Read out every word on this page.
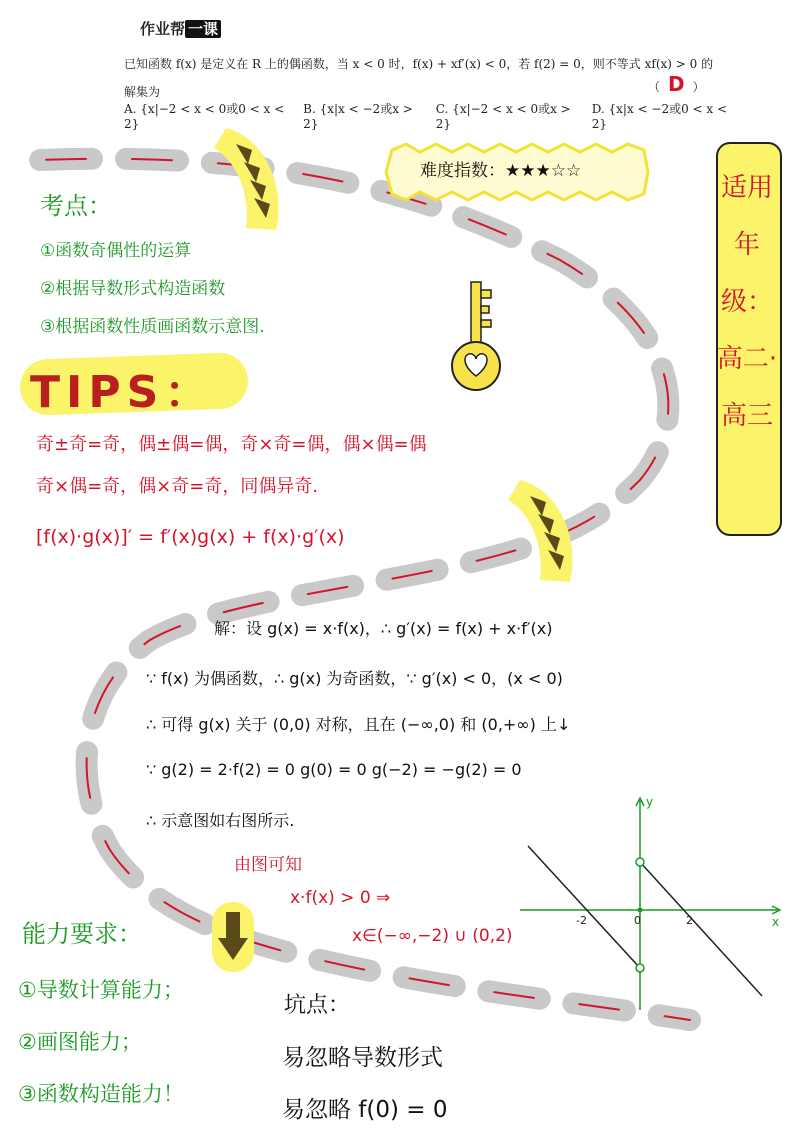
作业帮 一课
已知函数 f(x) 是定义在 R 上的偶函数，当 x < 0 时，f(x) + xf′(x) < 0，若 f(2) = 0，则不等式 xf(x) > 0 的解集为	（ D ）
A. {x|−2 < x < 0或0 < x < 2}
B. {x|x < −2或x > 2}
C. {x|−2 < x < 0或x > 2}
D. {x|x < −2或0 < x < 2}
难度指数：★★★☆☆
适用年级：高二·高三
考点：
①函数奇偶性的运算
②根据导数形式构造函数
③根据函数性质画函数示意图.
TIPS：
奇±奇=奇，偶±偶=偶，奇×奇=偶，偶×偶=偶
奇×偶=奇，偶×奇=奇，同偶异奇.
[f(x)·g(x)]′ = f′(x)g(x) + f(x)·g′(x)
解：设 g(x) = x·f(x)，∴ g′(x) = f(x) + x·f′(x)
∵ f(x) 为偶函数，∴ g(x) 为奇函数，∵ g′(x) < 0，(x < 0)
∴ 可得 g(x) 关于 (0,0) 对称，且在 (−∞,0) 和 (0,+∞) 上↓
∵ g(2) = 2·f(2) = 0 g(0) = 0 g(−2) = −g(2) = 0
∴ 示意图如右图所示.
y
x
-2	0	2
由图可知
x·f(x) > 0 ⇒
x∈(−∞,−2) ∪ (0,2)
能力要求：
①导数计算能力；
②画图能力；
③函数构造能力！
坑点：
易忽略导数形式
易忽略 f(0) = 0
